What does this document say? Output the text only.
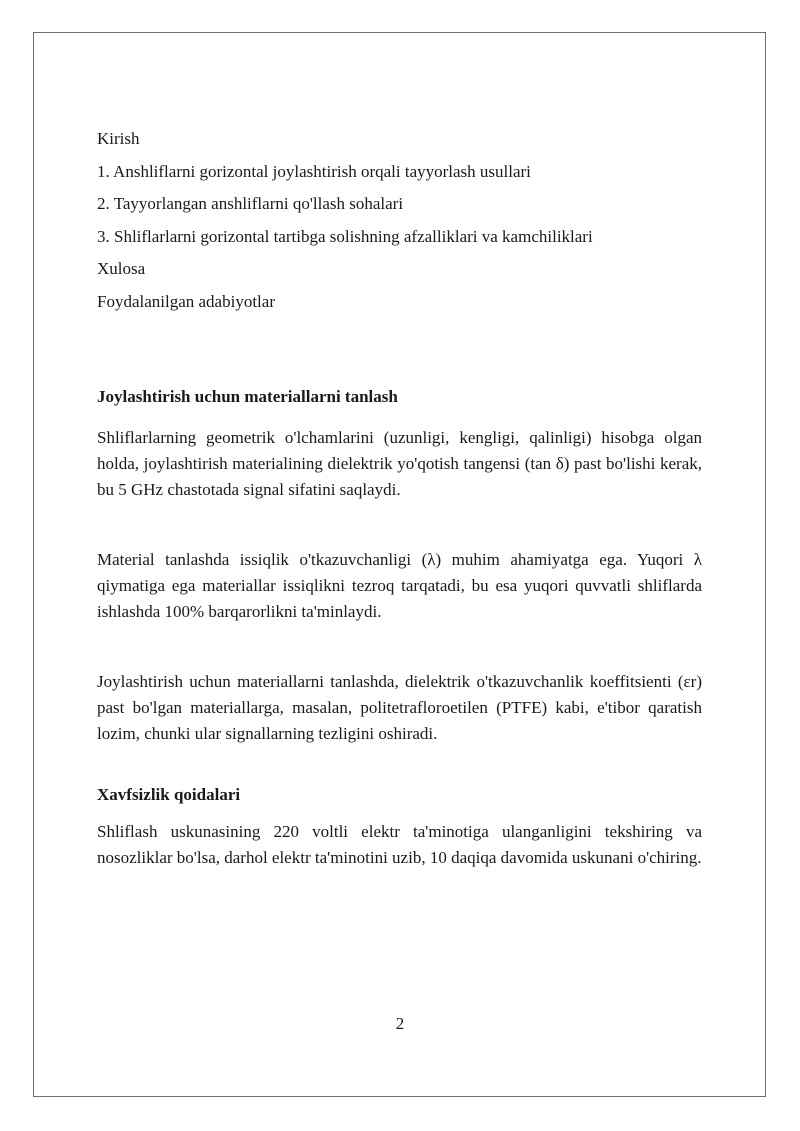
Kirish

1. Anshliflarni gorizontal joylashtirish orqali tayyorlash usullari

2. Tayyorlangan anshliflarni qo'llash sohalari

3. Shliflarlarni gorizontal tartibga solishning afzalliklari va kamchiliklari

Xulosa

Foydalanilgan adabiyotlar

Joylashtirish uchun materiallarni tanlash

Shliflarlarning geometrik o'lchamlarini (uzunligi, kengligi, qalinligi) hisobga olgan holda, joylashtirish materialining dielektrik yo'qotish tangensi (tan δ) past bo'lishi kerak, bu 5 GHz chastotada signal sifatini saqlaydi.

Material tanlashda issiqlik o'tkazuvchanligi (λ) muhim ahamiyatga ega. Yuqori λ qiymatiga ega materiallar issiqlikni tezroq tarqatadi, bu esa yuqori quvvatli shliflarda ishlashda 100% barqarorlikni ta'minlaydi.

Joylashtirish uchun materiallarni tanlashda, dielektrik o'tkazuvchanlik koeffitsienti (εr) past bo'lgan materiallarga, masalan, politetrafloroetilen (PTFE) kabi, e'tibor qaratish lozim, chunki ular signallarning tezligini oshiradi.

Xavfsizlik qoidalari

Shliflash uskunasining 220 voltli elektr ta'minotiga ulanganligini tekshiring va nosozliklar bo'lsa, darhol elektr ta'minotini uzib, 10 daqiqa davomida uskunani o'chiring.

2
